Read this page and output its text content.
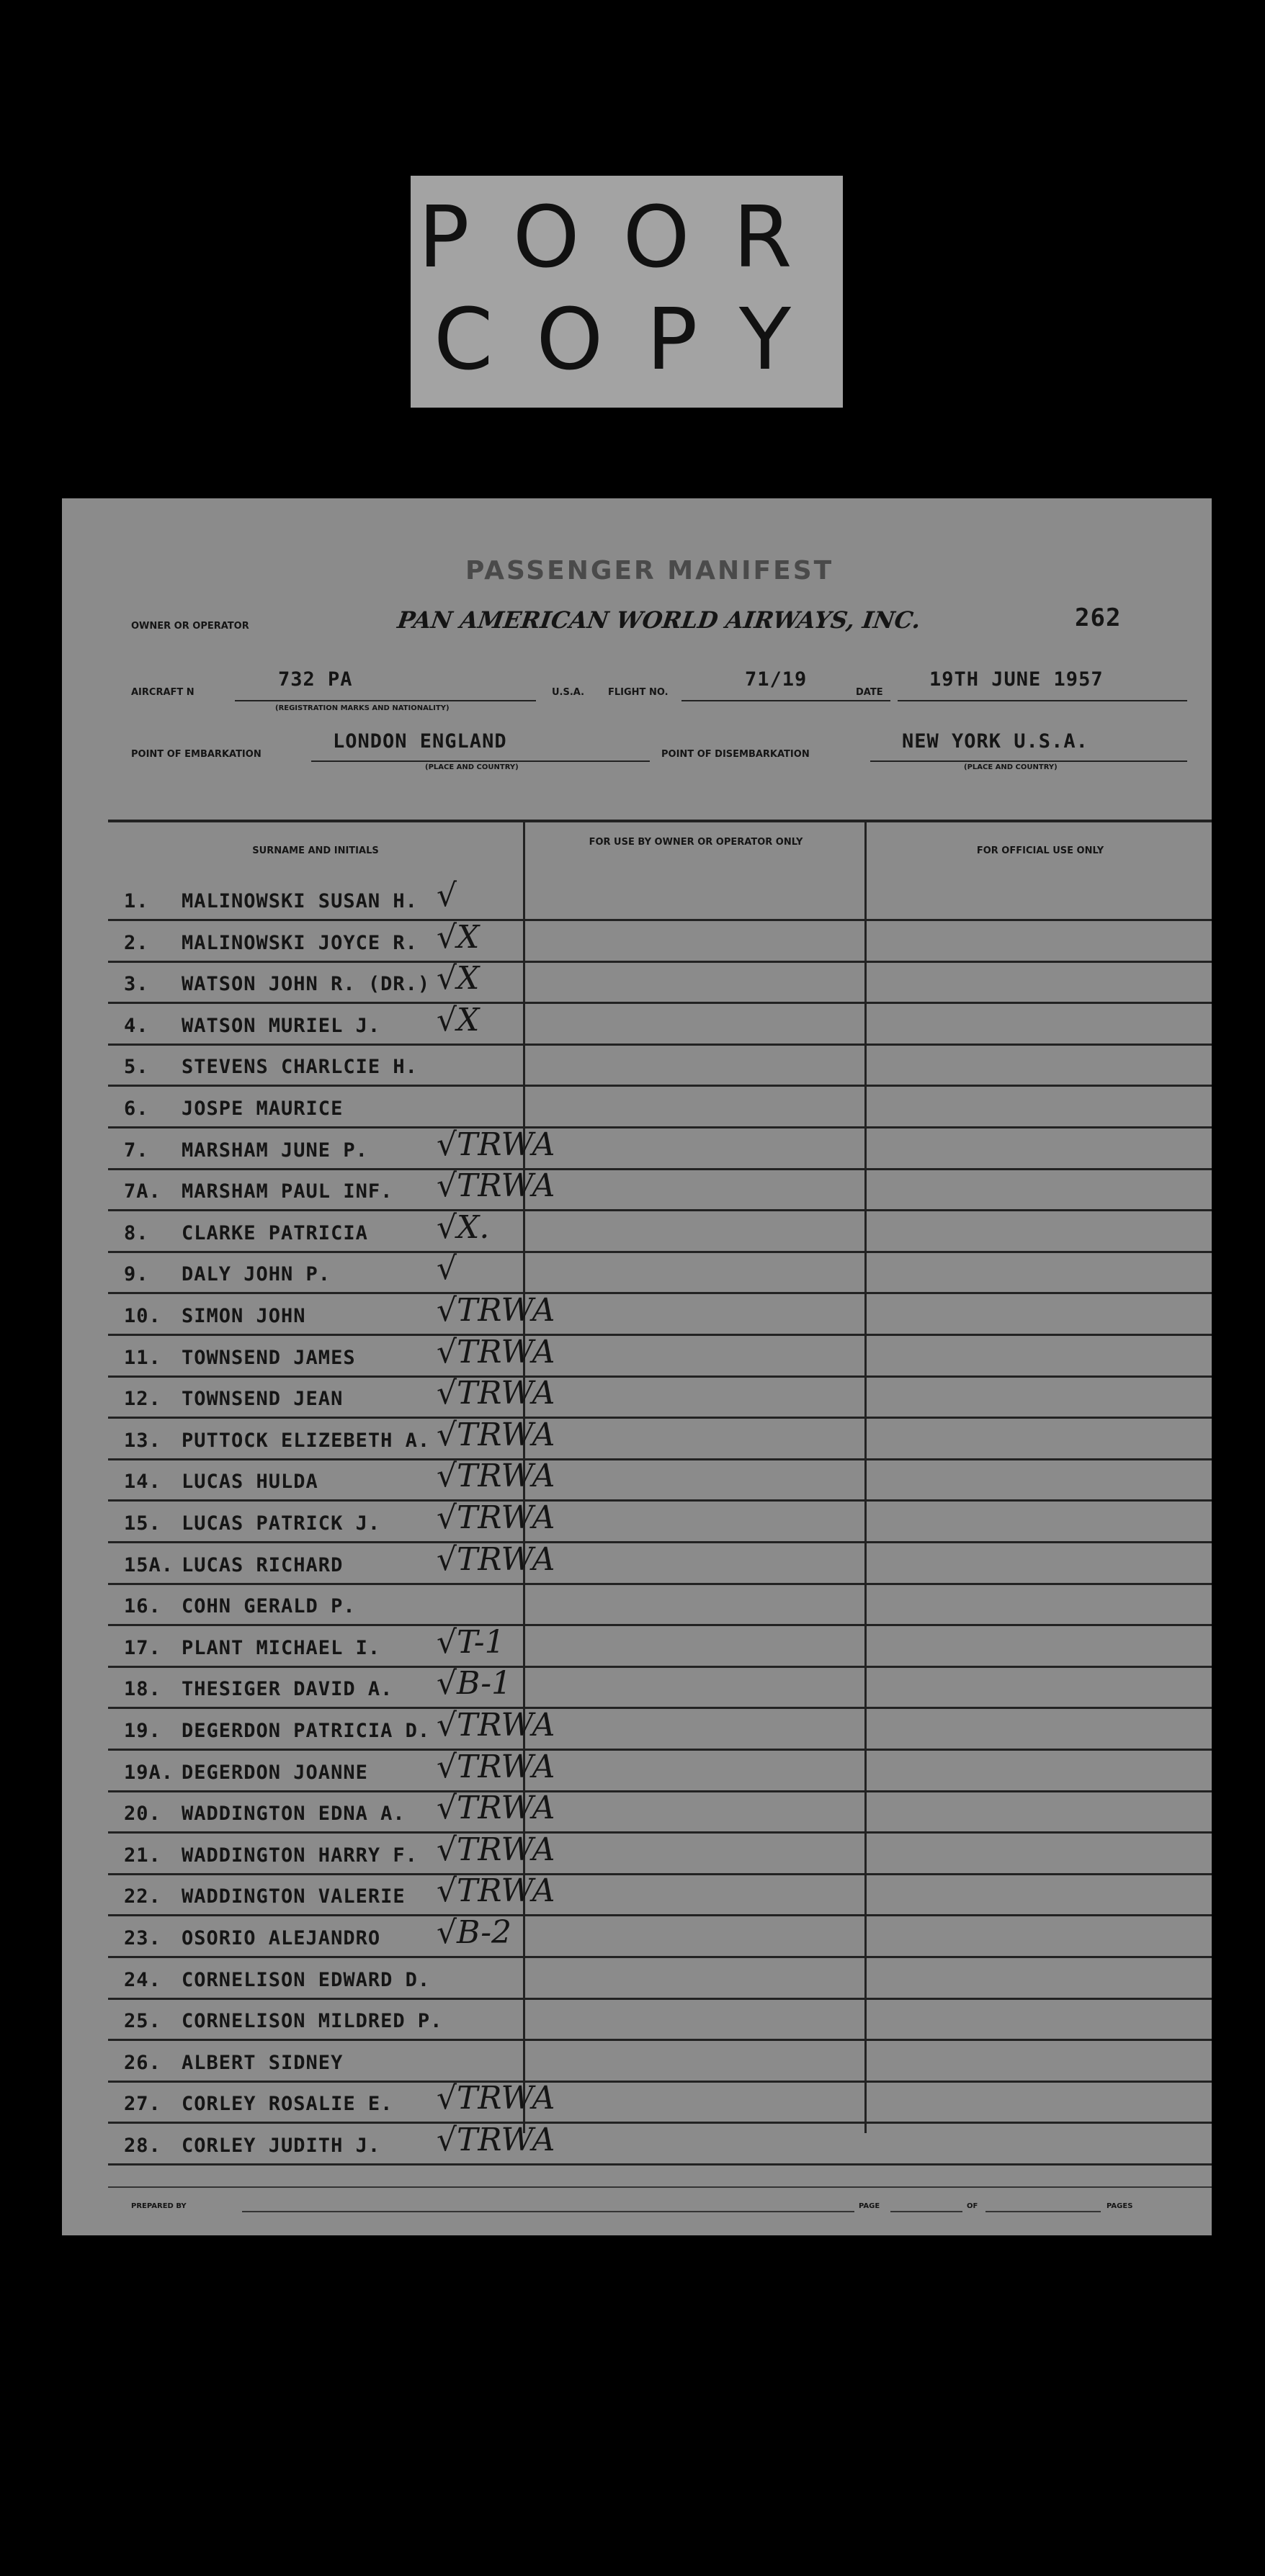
POOR
COPY
PASSENGER MANIFEST
OWNER OR OPERATOR	PAN AMERICAN WORLD AIRWAYS, INC.	262
AIRCRAFT N
732 PA
(REGISTRATION MARKS AND NATIONALITY)
U.S.A.	FLIGHT NO.
71/19
DATE
19TH JUNE 1957
POINT OF EMBARKATION
LONDON ENGLAND
(PLACE AND COUNTRY)
POINT OF DISEMBARKATION
NEW YORK U.S.A.
(PLACE AND COUNTRY)
SURNAME AND INITIALS
FOR USE BY OWNER OR OPERATOR ONLY
FOR OFFICIAL USE ONLY
1. MALINOWSKI SUSAN H. √
2. MALINOWSKI JOYCE R. √X
3. WATSON JOHN R. (DR.) √X
4. WATSON MURIEL J. √X
5. STEVENS CHARLCIE H.
6. JOSPE MAURICE
7. MARSHAM JUNE P. √TRWA
7A. MARSHAM PAUL INF. √TRWA
8. CLARKE PATRICIA √X.
9. DALY JOHN P.	√
10. SIMON JOHN	√TRWA
11. TOWNSEND JAMES	√TRWA
12. TOWNSEND JEAN	√TRWA
13. PUTTOCK ELIZEBETH A. √TRWA
14. LUCAS HULDA	√TRWA
15. LUCAS PATRICK J. √TRWA
15A. LUCAS RICHARD	√TRWA
16. COHN GERALD P.
17. PLANT MICHAEL I. √T-1
18. THESIGER DAVID A. √B-1
19. DEGERDON PATRICIA D. √TRWA
19A. DEGERDON JOANNE √TRWA
20. WADDINGTON EDNA A. √TRWA
21. WADDINGTON HARRY F. √TRWA
22. WADDINGTON VALERIE √TRWA
23. OSORIO ALEJANDRO √B-2
24. CORNELISON EDWARD D.
25. CORNELISON MILDRED P.
26. ALBERT SIDNEY
27. CORLEY ROSALIE E. √TRWA
28. CORLEY JUDITH J. √TRWA
PREPARED BY	PAGE	OF	PAGES
